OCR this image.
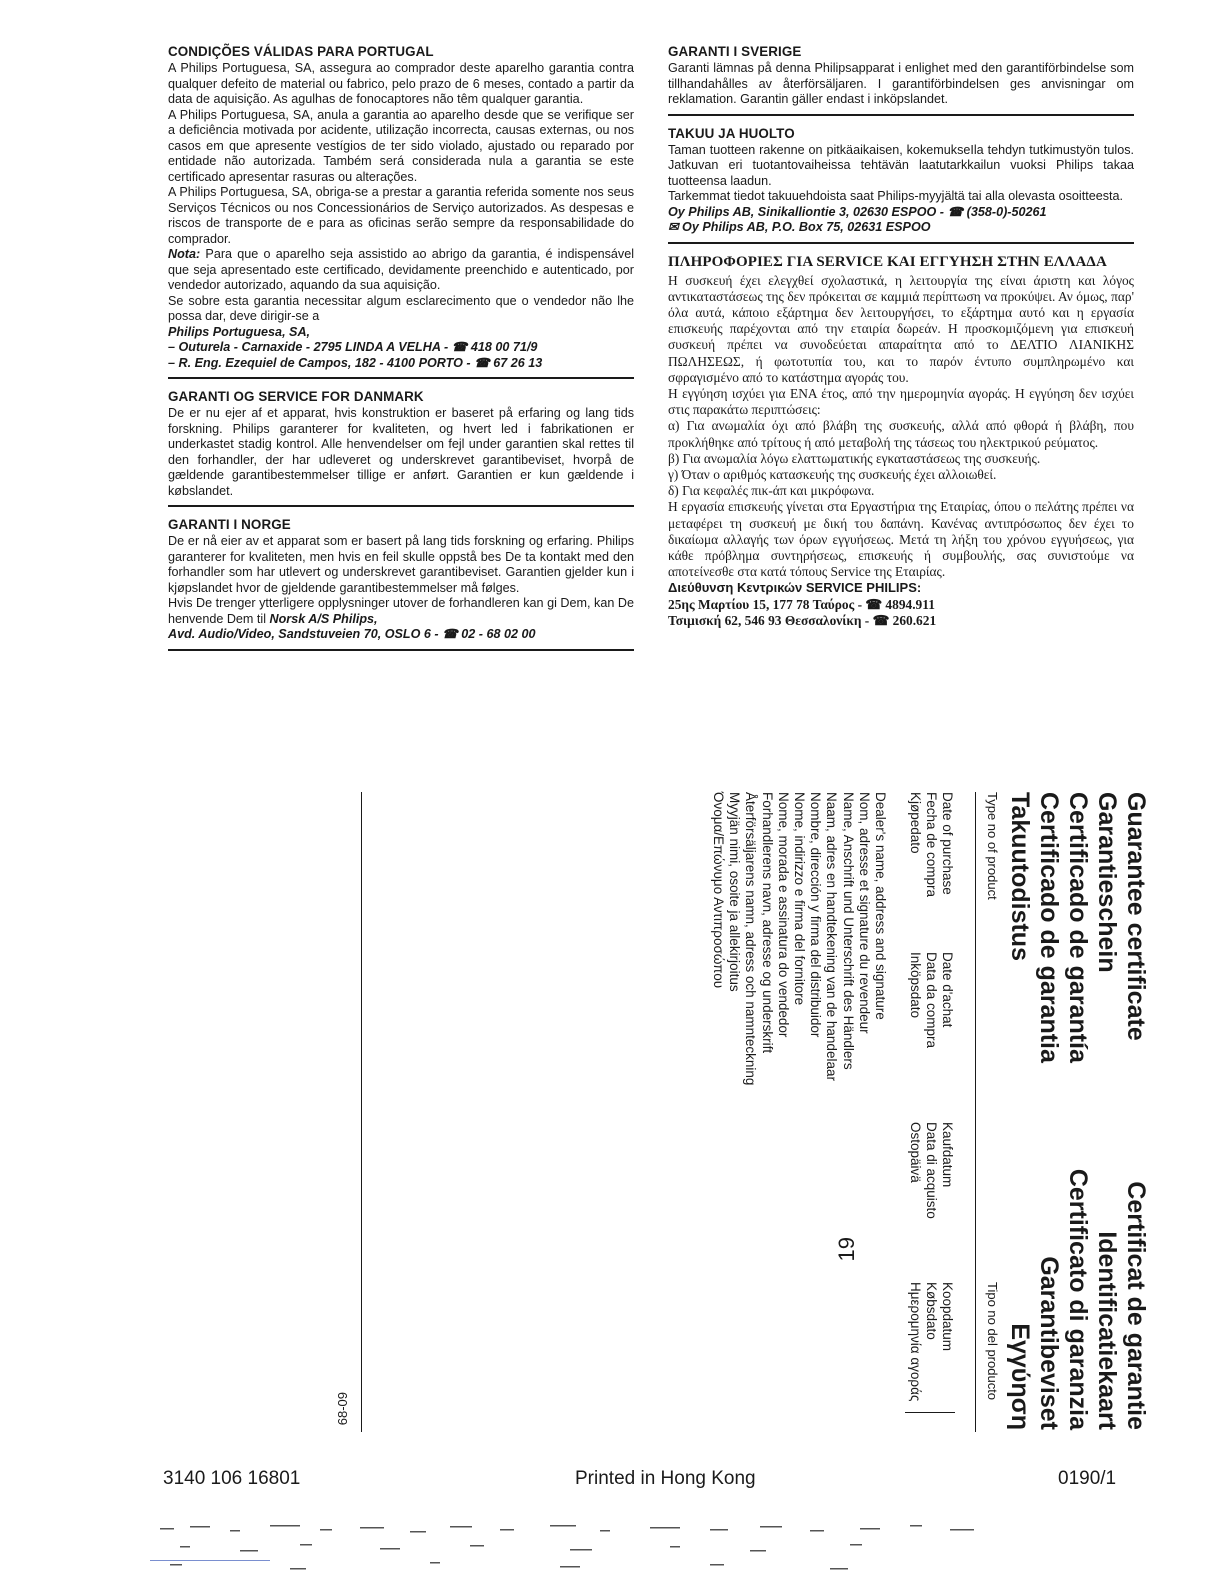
CONDIÇÕES VÁLIDAS PARA PORTUGAL

A Philips Portuguesa, SA, assegura ao comprador deste aparelho garantia contra qualquer defeito de material ou fabrico, pelo prazo de 6 meses, contado a partir da data de aquisição. As agulhas de fonocaptores não têm qualquer garantia.

A Philips Portuguesa, SA, anula a garantia ao aparelho desde que se verifique ser a deficiência motivada por acidente, utilização incorrecta, causas externas, ou nos casos em que apresente vestígios de ter sido violado, ajustado ou reparado por entidade não autorizada. Também será considerada nula a garantia se este certificado apresentar rasuras ou alterações.

A Philips Portuguesa, SA, obriga-se a prestar a garantia referida somente nos seus Serviços Técnicos ou nos Concessionários de Serviço autorizados. As despesas e riscos de transporte de e para as oficinas serão sempre da responsabilidade do comprador.

Nota: Para que o aparelho seja assistido ao abrigo da garantia, é indispensável que seja apresentado este certificado, devidamente preenchido e autenticado, por vendedor autorizado, aquando da sua aquisição.

Se sobre esta garantia necessitar algum esclarecimento que o vendedor não lhe possa dar, deve dirigir-se a

Philips Portuguesa, SA,

– Outurela - Carnaxide - 2795 LINDA A VELHA - ☎ 418 00 71/9

– R. Eng. Ezequiel de Campos, 182 - 4100 PORTO - ☎ 67 26 13

GARANTI OG SERVICE FOR DANMARK

De er nu ejer af et apparat, hvis konstruktion er baseret på erfaring og lang tids forskning. Philips garanterer for kvaliteten, og hvert led i fabrikationen er underkastet stadig kontrol. Alle henvendelser om fejl under garantien skal rettes til den forhandler, der har udleveret og underskrevet garantibeviset, hvorpå de gældende garantibestemmelser tillige er anført. Garantien er kun gældende i købslandet.

GARANTI I NORGE

De er nå eier av et apparat som er basert på lang tids forskning og erfaring. Philips garanterer for kvaliteten, men hvis en feil skulle oppstå bes De ta kontakt med den forhandler som har utlevert og underskrevet garantibeviset. Garantien gjelder kun i kjøpslandet hvor de gjeldende garantibestemmelser må følges.

Hvis De trenger ytterligere opplysninger utover de forhandleren kan gi Dem, kan De henvende Dem til Norsk A/S Philips,

Avd. Audio/Video, Sandstuveien 70, OSLO 6 - ☎ 02 - 68 02 00

GARANTI I SVERIGE

Garanti lämnas på denna Philipsapparat i enlighet med den garantiförbindelse som tillhandahålles av återförsäljaren. I garantiförbindelsen ges anvisningar om reklamation. Garantin gäller endast i inköpslandet.

TAKUU JA HUOLTO

Taman tuotteen rakenne on pitkäaikaisen, kokemukseIla tehdyn tutkimustyön tulos. Jatkuvan eri tuotantovaiheissa tehtävän laatutarkkailun vuoksi Philips takaa tuotteensa laadun.

Tarkemmat tiedot takuuehdoista saat Philips-myyjältä tai alla olevasta osoitteesta.

Oy Philips AB, Sinikalliontie 3, 02630 ESPOO - ☎ (358-0)-50261

✉ Oy Philips AB, P.O. Box 75, 02631 ESPOO

ΠΛΗΡΟΦΟΡΙΕΣ ΓΙΑ SERVICE ΚΑΙ ΕΓΓΥΗΣΗ ΣΤΗΝ ΕΛΛΑΔΑ

Η συσκευή έχει ελεγχθεί σχολαστικά, η λειτουργία της είναι άριστη και λόγος αντικαταστάσεως της δεν πρόκειται σε καμμιά περίπτωση να προκύψει. Αν όμως, παρ' όλα αυτά, κάποιο εξάρτημα δεν λειτουργήσει, το εξάρτημα αυτό και η εργασία επισκευής παρέχονται από την εταιρία δωρεάν. Η προσκομιζόμενη για επισκευή συσκευή πρέπει να συνοδεύεται απαραίτητα από το ΔΕΛΤΙΟ ΛΙΑΝΙΚΗΣ ΠΩΛΗΣΕΩΣ, ή φωτοτυπία του, και το παρόν έντυπο συμπληρωμένο και σφραγισμένο από το κατάστημα αγοράς του.

Η εγγύηση ισχύει για ΕΝΑ έτος, από την ημερομηνία αγοράς. Η εγγύηση δεν ισχύει στις παρακάτω περιπτώσεις:

α) Για ανωμαλία όχι από βλάβη της συσκευής, αλλά από φθορά ή βλάβη, που προκλήθηκε από τρίτους ή από μεταβολή της τάσεως του ηλεκτρικού ρεύματος.

β) Για ανωμαλία λόγω ελαττωματικής εγκαταστάσεως της συσκευής.

γ) Όταν ο αριθμός κατασκευής της συσκευής έχει αλλοιωθεί.

δ) Για κεφαλές πικ-άπ και μικρόφωνα.

Η εργασία επισκευής γίνεται στα Εργαστήρια της Εταιρίας, όπου ο πελάτης πρέπει να μεταφέρει τη συσκευή με δική του δαπάνη. Κανένας αντιπρόσωπος δεν έχει το δικαίωμα αλλαγής των όρων εγγυήσεως. Μετά τη λήξη του χρόνου εγγυήσεως, για κάθε πρόβλημα συντηρήσεως, επισκευής ή συμβουλής, σας συνιστούμε να αποτείνεσθε στα κατά τόπους Service της Εταιρίας.

Διεύθυνση Κεντρικών SERVICE PHILIPS:

25ης Μαρτίου 15, 177 78 Ταύρος - ☎ 4894.911

Τσιμισκή 62, 546 93 Θεσσαλονίκη - ☎ 260.621

Guarantee certificate
Garantieschein
Certificado de garantía
Certificado de garantia
Takuutodistus
Certificat de garantie
Identificatiekaart
Certificato di garanzia
Garantibeviset
Εγγύηση
Type no of product
Tipo no del producto
Date of purchase
Fecha de compra
Kjøpedato
Date d'achat
Data da compra
Inköpsdato
Kaufdatum
Data di acquisto
Ostopäivä
Koopdatum
Købsdato
Ημερομηνία αγοράς
19
Dealer's name, address and signature
Nom, adresse et signature du revendeur
Name, Anschrift und Unterschrift des Händlers
Naam, adres en handtekening van de handelaar
Nombre, dirección y firma del distribuidor
Nome, indirizzo e firma del fornitore
Nome, morada e assinatura do vendedor
Forhandlerens navn, adresse og underskrift
Återförsäljarens namn, adress och namnteckning
Myyjän nimi, osoite ja allekirjoitus
Όνομα/Επώνυμο Αντιπροσώπου
68-09
3140 106 16801	Printed in Hong Kong	0190/1
